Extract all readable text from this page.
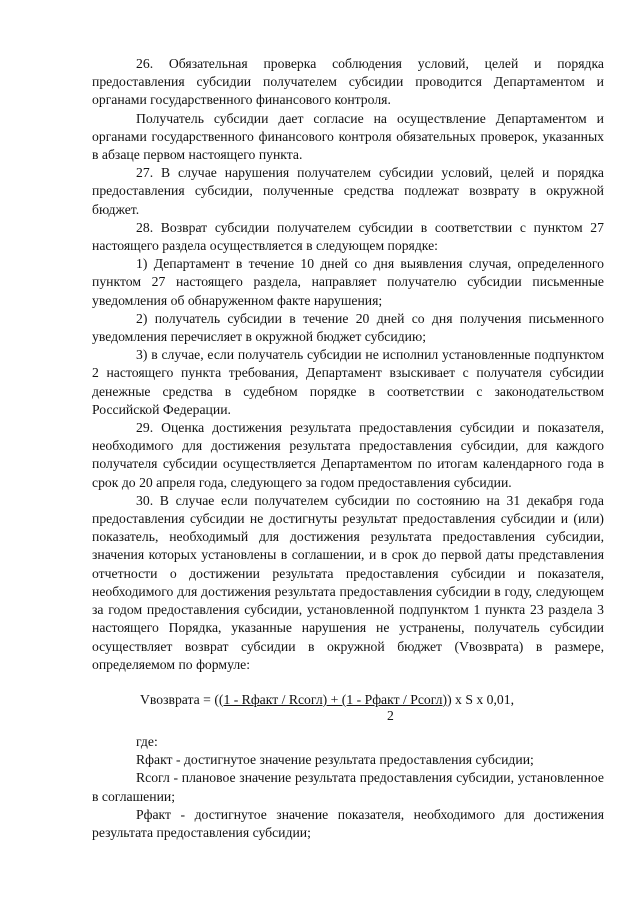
26. Обязательная проверка соблюдения условий, целей и порядка предоставления субсидии получателем субсидии проводится Департаментом и органами государственного финансового контроля.

Получатель субсидии дает согласие на осуществление Департаментом и органами государственного финансового контроля обязательных проверок, указанных в абзаце первом настоящего пункта.

27. В случае нарушения получателем субсидии условий, целей и порядка предоставления субсидии, полученные средства подлежат возврату в окружной бюджет.

28. Возврат субсидии получателем субсидии в соответствии с пунктом 27 настоящего раздела осуществляется в следующем порядке:

1) Департамент в течение 10 дней со дня выявления случая, определенного пунктом 27 настоящего раздела, направляет получателю субсидии письменные уведомления об обнаруженном факте нарушения;

2) получатель субсидии в течение 20 дней со дня получения письменного уведомления перечисляет в окружной бюджет субсидию;

3) в случае, если получатель субсидии не исполнил установленные подпунктом 2 настоящего пункта требования, Департамент взыскивает с получателя субсидии денежные средства в судебном порядке в соответствии с законодательством Российской Федерации.

29. Оценка достижения результата предоставления субсидии и показателя, необходимого для достижения результата предоставления субсидии, для каждого получателя субсидии осуществляется Департаментом по итогам календарного года в срок до 20 апреля года, следующего за годом предоставления субсидии.

30. В случае если получателем субсидии по состоянию на 31 декабря года предоставления субсидии не достигнуты результат предоставления субсидии и (или) показатель, необходимый для достижения результата предоставления субсидии, значения которых установлены в соглашении, и в срок до первой даты представления отчетности о достижении результата предоставления субсидии и показателя, необходимого для достижения результата предоставления субсидии в году, следующем за годом предоставления субсидии, установленной подпунктом 1 пункта 23 раздела 3 настоящего Порядка, указанные нарушения не устранены, получатель субсидии осуществляет возврат субсидии в окружной бюджет (Vвозврата) в размере, определяемом по формуле:

Vвозврата = ((1 - Rфакт / Rсогл) + (1 - Pфакт / Pсогл)) x S x 0,01,
2

где:

Rфакт - достигнутое значение результата предоставления субсидии;

Rсогл - плановое значение результата предоставления субсидии, установленное в соглашении;

Pфакт - достигнутое значение показателя, необходимого для достижения результата предоставления субсидии;
